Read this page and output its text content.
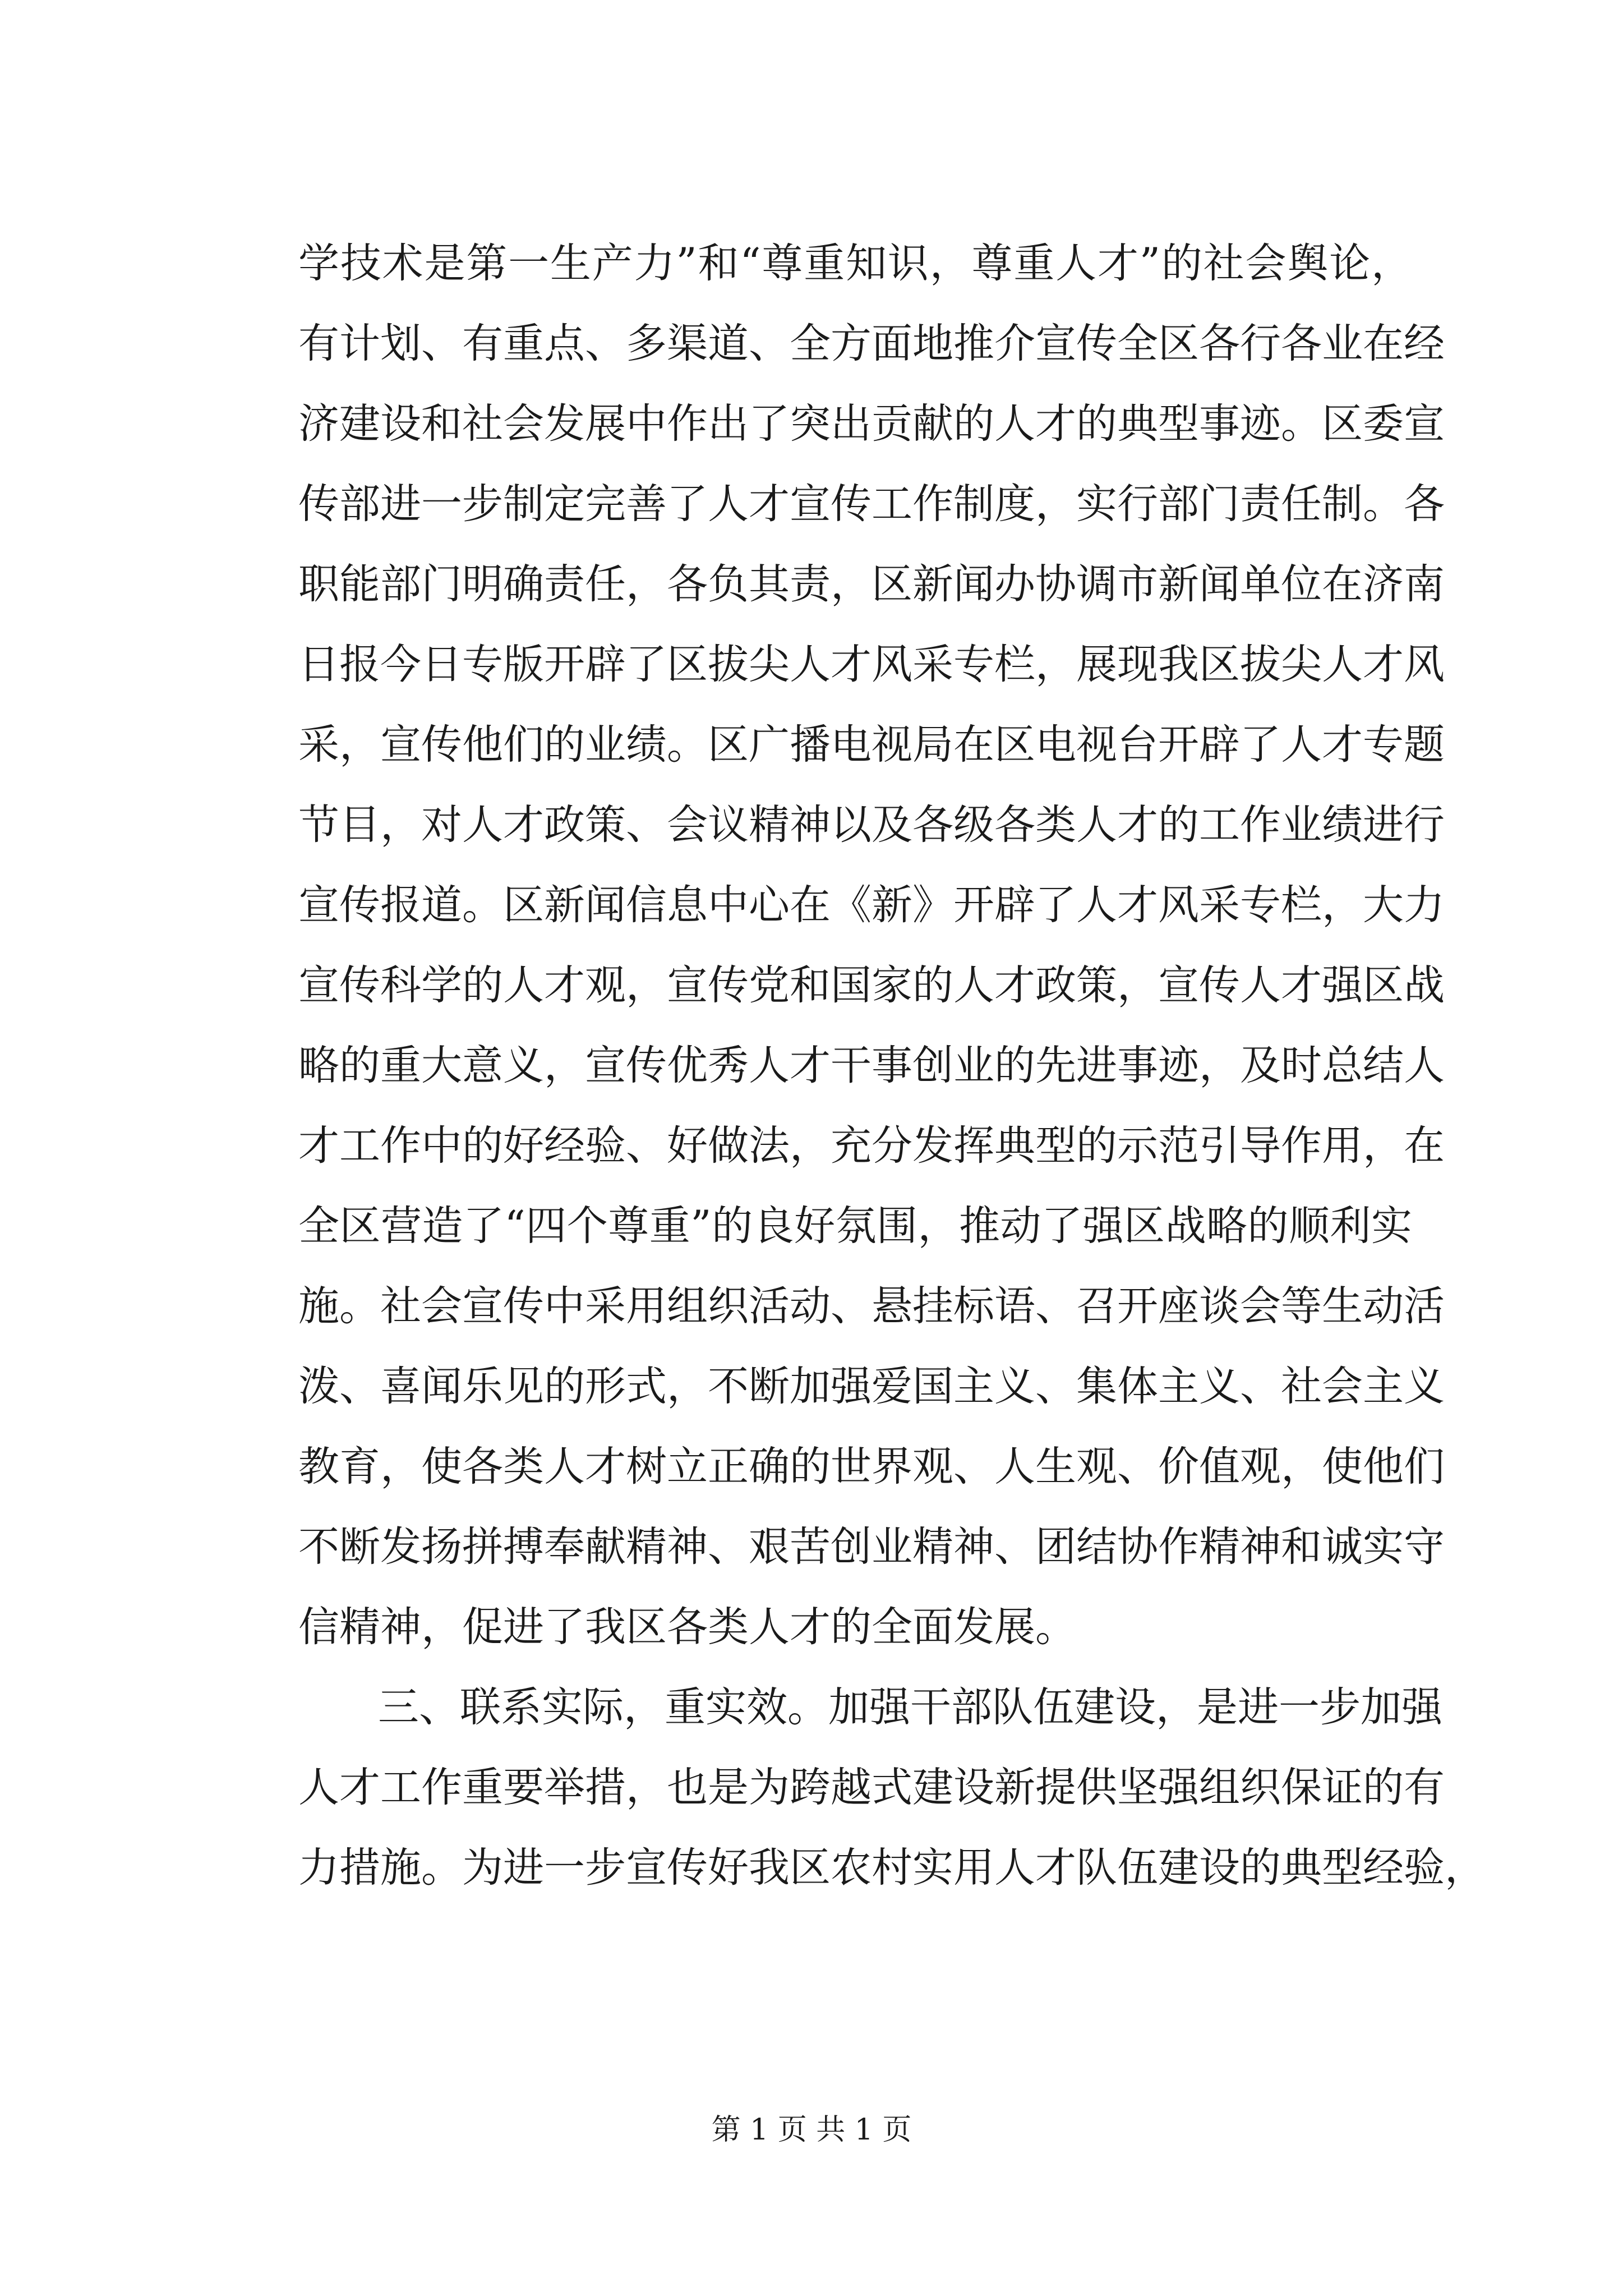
学技术是第一生产力”和“尊重知识，尊重人才”的社会舆论，
有计划、有重点、多渠道、全方面地推介宣传全区各行各业在经
济建设和社会发展中作出了突出贡献的人才的典型事迹。区委宣
传部进一步制定完善了人才宣传工作制度，实行部门责任制。各
职能部门明确责任，各负其责，区新闻办协调市新闻单位在济南
日报今日专版开辟了区拔尖人才风采专栏，展现我区拔尖人才风
采，宣传他们的业绩。区广播电视局在区电视台开辟了人才专题
节目，对人才政策、会议精神以及各级各类人才的工作业绩进行
宣传报道。区新闻信息中心在《新》开辟了人才风采专栏，大力
宣传科学的人才观，宣传党和国家的人才政策，宣传人才强区战
略的重大意义，宣传优秀人才干事创业的先进事迹，及时总结人
才工作中的好经验、好做法，充分发挥典型的示范引导作用，在
全区营造了“四个尊重”的良好氛围，推动了强区战略的顺利实
施。社会宣传中采用组织活动、悬挂标语、召开座谈会等生动活
泼、喜闻乐见的形式，不断加强爱国主义、集体主义、社会主义
教育，使各类人才树立正确的世界观、人生观、价值观，使他们
不断发扬拼搏奉献精神、艰苦创业精神、团结协作精神和诚实守
信精神，促进了我区各类人才的全面发展。
三、联系实际，重实效。加强干部队伍建设，是进一步加强
人才工作重要举措，也是为跨越式建设新提供坚强组织保证的有
力措施。为进一步宣传好我区农村实用人才队伍建设的典型经验，
第 1 页 共 1 页
